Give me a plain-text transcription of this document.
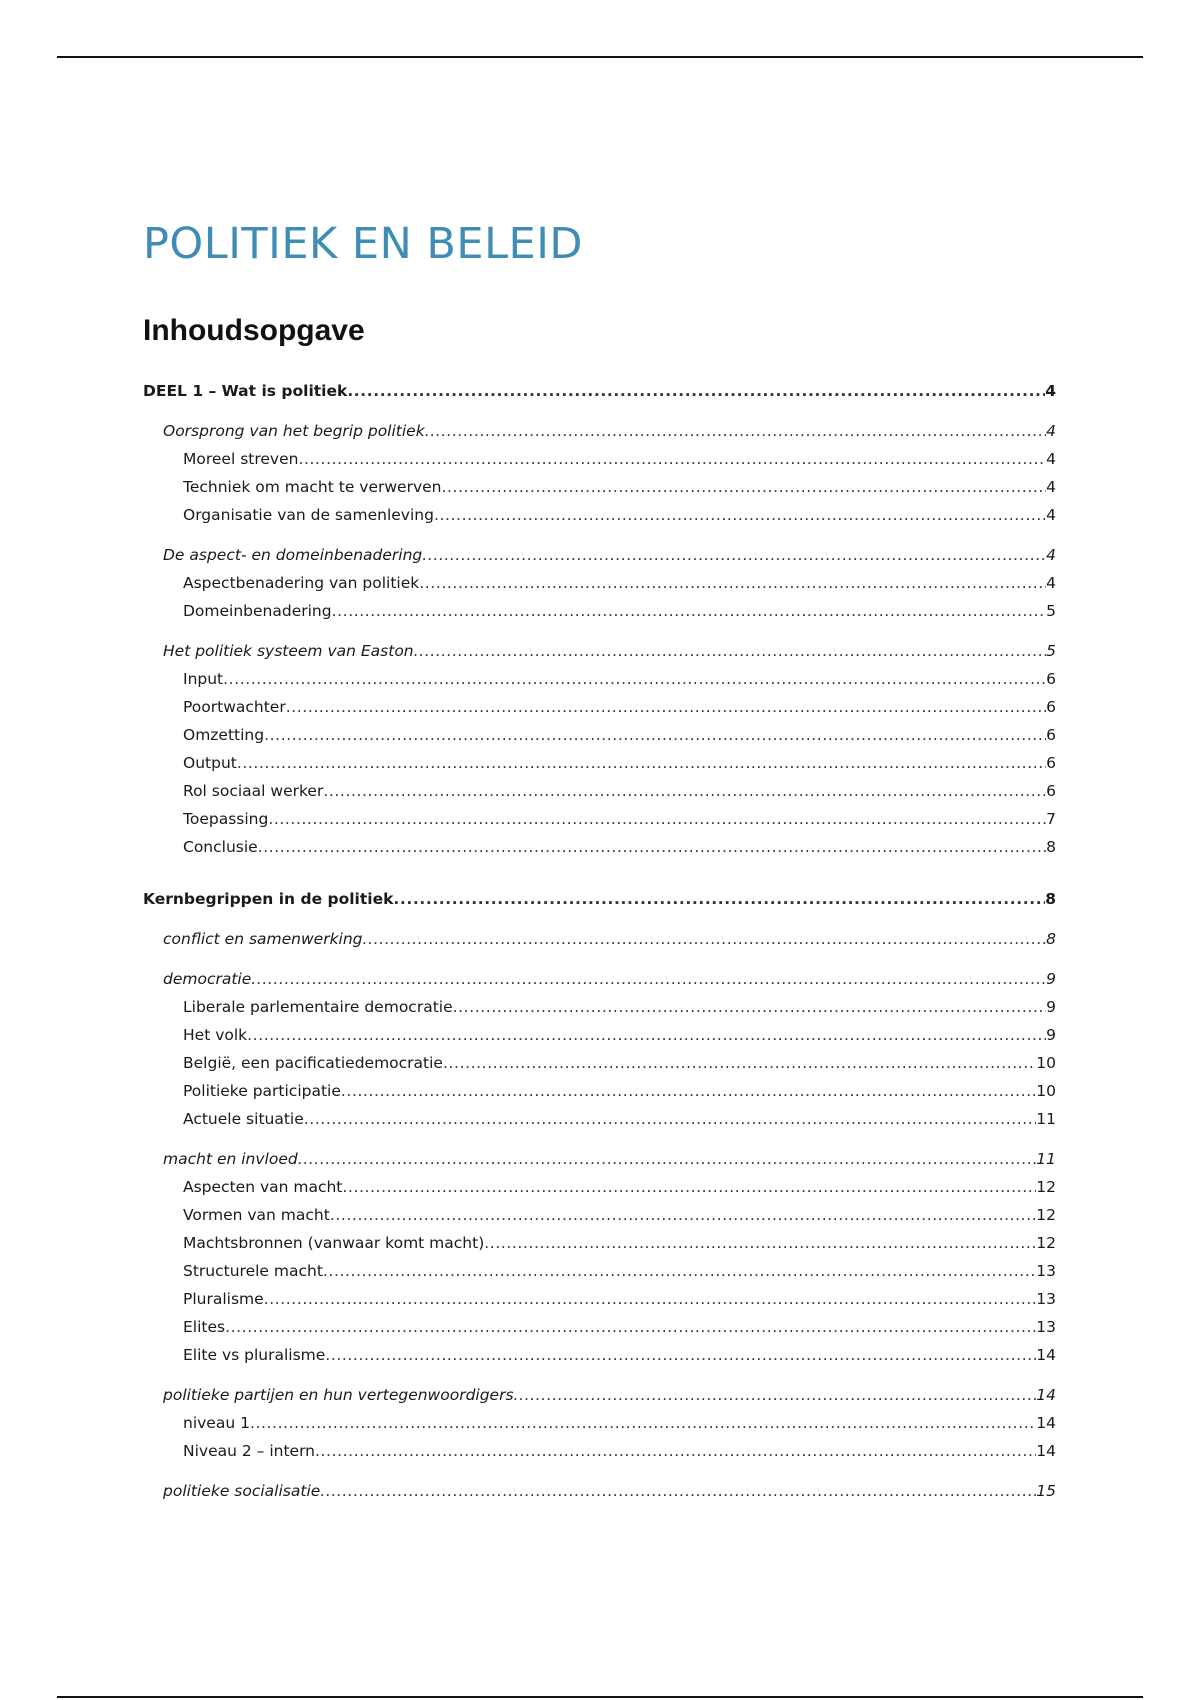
POLITIEK EN BELEID
Inhoudsopgave
DEEL 1 – Wat is politiek .....	4
Oorsprong van het begrip politiek .....	4
Moreel streven .....	4
Techniek om macht te verwerven .....	4
Organisatie van de samenleving .....	4
De aspect- en domeinbenadering .....	4
Aspectbenadering van politiek .....	4
Domeinbenadering .....	5
Het politiek systeem van Easton .....	5
Input .....	6
Poortwachter .....	6
Omzetting .....	6
Output .....	6
Rol sociaal werker .....	6
Toepassing .....	7
Conclusie .....	8
Kernbegrippen in de politiek .....	8
conflict en samenwerking .....	8
democratie .....	9
Liberale parlementaire democratie .....	9
Het volk .....	9
België, een pacificatiedemocratie .....	10
Politieke participatie .....	10
Actuele situatie .....	11
macht en invloed .....	11
Aspecten van macht .....	12
Vormen van macht .....	12
Machtsbronnen (vanwaar komt macht) .....	12
Structurele macht .....	13
Pluralisme .....	13
Elites .....	13
Elite vs pluralisme .....	14
politieke partijen en hun vertegenwoordigers .....	14
niveau 1 .....	14
Niveau 2 – intern .....	14
politieke socialisatie .....	15
